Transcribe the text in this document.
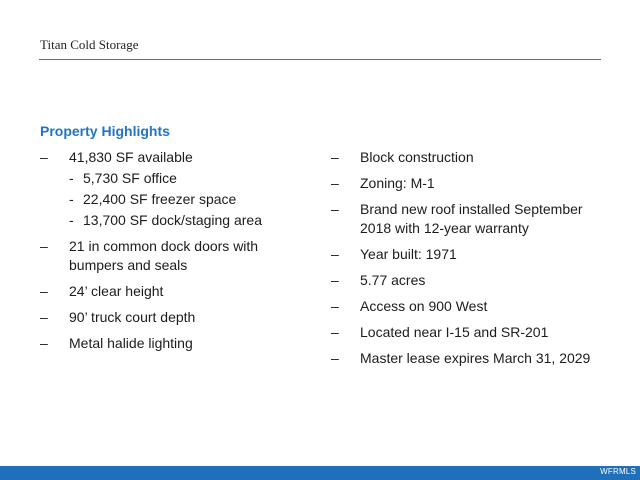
Titan Cold Storage
Property Highlights
– 41,830 SF available
- 5,730 SF office
- 22,400 SF freezer space
- 13,700 SF dock/staging area
– 21 in common dock doors with bumpers and seals
– 24’ clear height
– 90’ truck court depth
– Metal halide lighting
– Block construction
– Zoning: M-1
– Brand new roof installed September 2018 with 12-year warranty
– Year built: 1971
– 5.77 acres
– Access on 900 West
– Located near I-15 and SR-201
– Master lease expires March 31, 2029
WFRMLS
